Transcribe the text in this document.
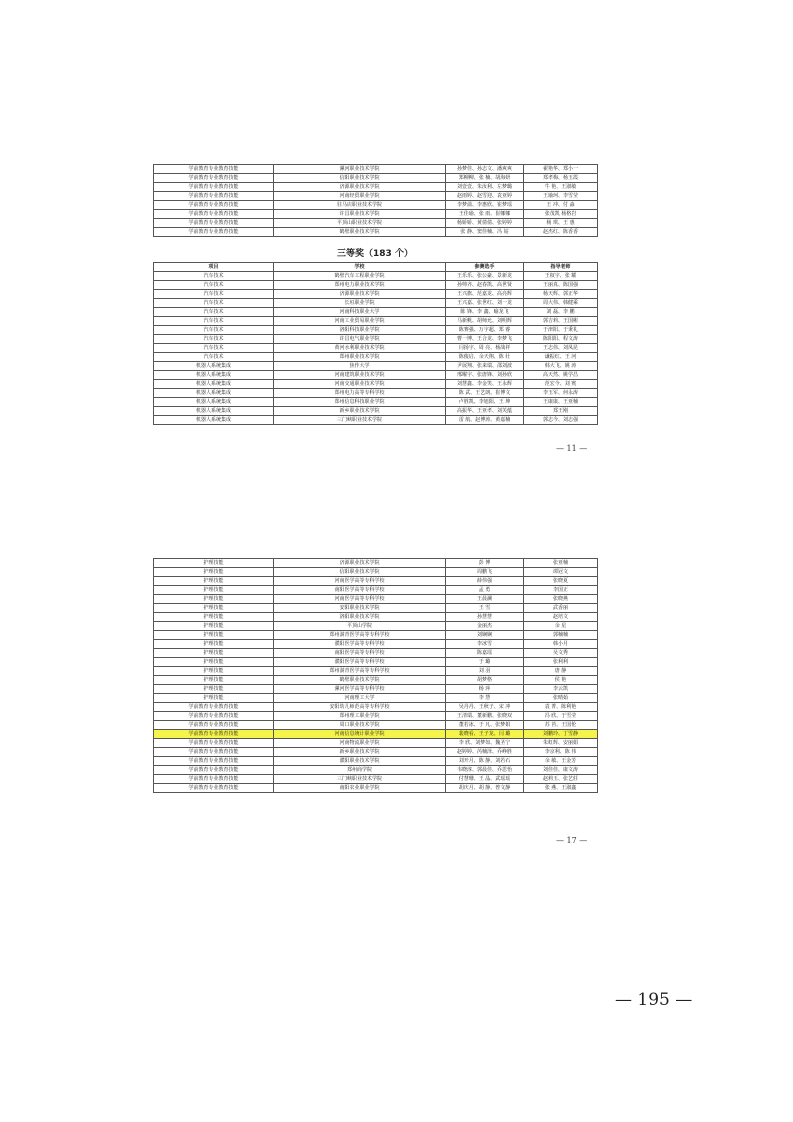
学前教育专业教育技能	漯河职业技术学院	孙梦佳、孙志文、潘爽爽	翟艳华、郑小一
学前教育专业教育技能	信阳职业技术学院	郑柳柳、张 楠、胡海妍	郑孝梅、杨玉霞
学前教育专业教育技能	济源职业技术学院	刘壹壹、朱汝利、左梦璐	牛 艳、王淑敏
学前教育专业教育技能	河南经贸职业学院	赵雨婷、赵雪迎、袁亚婷	王瑜珂、李雪莹
学前教育专业教育技能	驻马店职业技术学院	李梦溢、李惠欣、崔梦瑶	王 冲、付 淼
学前教育专业教育技能	许昌职业技术学院	王佳瑜、张 雨、崔娜娜	张茂凯 杨格岩
学前教育专业教育技能	平顶山职业技术学院	杨娇娇、黄倩倩、张婷婷	杨 琪、王 惠
学前教育专业教育技能	鹤壁职业技术学院	张 静、窦佳楠、冯 姑	赵杰红、陈香香
三等奖（183 个）
项目	学校	参赛选手	指导老师
汽车技术	鹤壁汽车工程职业学院	王乐乐、张公豪、景新龙	王权宇、张 耀
汽车技术	郑州电力职业技术学院	孙帅齐、赵春凯、高世贤	王丽真、陈国强
汽车技术	济源职业技术学院	王兴旗、范嘉龙、高亮辉	杨天辉、郭正华
汽车技术	长垣职业学院	王兴嘉、张世红、刘一龙	周大伟、韩健乘
汽车技术	河南科技职业大学	陈 锋、李 鑫、喻龙飞	刘 磊、李 鹏
汽车技术	河南工业贸易职业学院	马新帆、胡师允、刘明辉	郭吉莉、王国彬
汽车技术	洛阳科技职业学院	陈赛强、万宇超、郑 睿	于津阳、于秉礼
汽车技术	许昌电气职业学院	曹一博、王合龙、李梦飞	陈阳阳、程文涛
汽车技术	黄河水利职业技术学院	闫扬宇、周 亮、杨战祥	王志伟、刘凤昆
汽车技术	郑州职业技术学院	陈俊启、余天翔、陈 壮	谦振红、王 河
机器人系统集成	焦作大学	尹展翔、张来瑞、邵刘波	韩大飞、姚 涛
机器人系统集成	河南建筑职业技术学院	邢曜宇、张唐锋、刘孙欣	高天然、姚学昌
机器人系统集成	河南交通职业技术学院	刘慧鑫、李金笑、王永辉	范宏今、刘 賓
机器人系统集成	郑州电力高等专科学校	陈 武、王艺朗、崔博文	李玉军、何永涛
机器人系统集成	郑州信息科技职业学院	卢胜凯、李旭阳、王 坤	王康康、王亚楠
机器人系统集成	新乡职业技术学院	高振华、王亚孝、刘芙蕴	郑王刚
机器人系统集成	三门峡职业技术学院	雷 航、赵博涛、黄嘉楠	郭志今、刘志强
— 11 —
护理技能	济源职业技术学院	彭 博	张亚楠
护理技能	信阳职业技术学院	周鹏飞	谭冠文
护理技能	河南医学高等专科学校	薛伟强	张晓夏
护理技能	南阳医学高等专科学校	孟 勇	李国正
护理技能	河南医学高等专科学校	王晨澜	张晓燕
护理技能	安阳职业技术学院	王 雪	武香丽
护理技能	洛阳职业技术学院	孙慧慧	赵培文
护理技能	平顶山学院	金丽杰	余 星
护理技能	郑州澍青医学高等专科学校	刘娴娴	郭楠楠
护理技能	濮阳医学高等专科学校	李冰雪	韩小月
护理技能	南阳医学高等专科学校	陈嘉瑶	吴文秀
护理技能	濮阳医学高等专科学校	于 璐	张利利
护理技能	郑州澍青医学高等专科学校	刘 羽	唐 静
护理技能	鹤壁职业技术学院	胡梦格	侯 艳
护理技能	漯河医学高等专科学校	杨 萍	李云凯
护理技能	河南理工大学	李 慧	张晴茹
学前教育专业教育技能	安阳幼儿师范高等专科学校	吴丹丹、王秋子、宋 冲	袁 菁、陈利艳
学前教育专业教育技能	郑州理工职业学院	王清瑞、董新鹏、张晓双	冯 欣、于雪莹
学前教育专业教育技能	周口职业技术学院	董若冰、于 凡、张梦娟	苏 苔、王国伦
学前教育专业教育技能	河南信息统计职业学院	裴晓看、王子龙、闫 璐	刘鹏玲、丁雪静
学前教育专业教育技能	河南物流职业学院	李 欣、刘梦如、魏圣宁	朱虹辉、安丽娟
学前教育专业教育技能	新乡职业技术学院	赵婷婷、芮楠泽、乔峥胜	李京利、陈 伟
学前教育专业教育技能	濮阳职业技术学院	刘开月、陈 静、刘若石	余 敏、王金芳
学前教育专业教育技能	郑州商学院	韦晓淳、郭晨佳、乔思怡	刘佳佳、康文涛
学前教育专业教育技能	三门峡职业技术学院	付慧珊、王 晶、武瑶瑶	赵莉玉、张艺莊
学前教育专业教育技能	南阳农业职业学院	胡庆月、胡 静、曾文静	张 燕、王淑鑫
— 17 —
— 195 —
